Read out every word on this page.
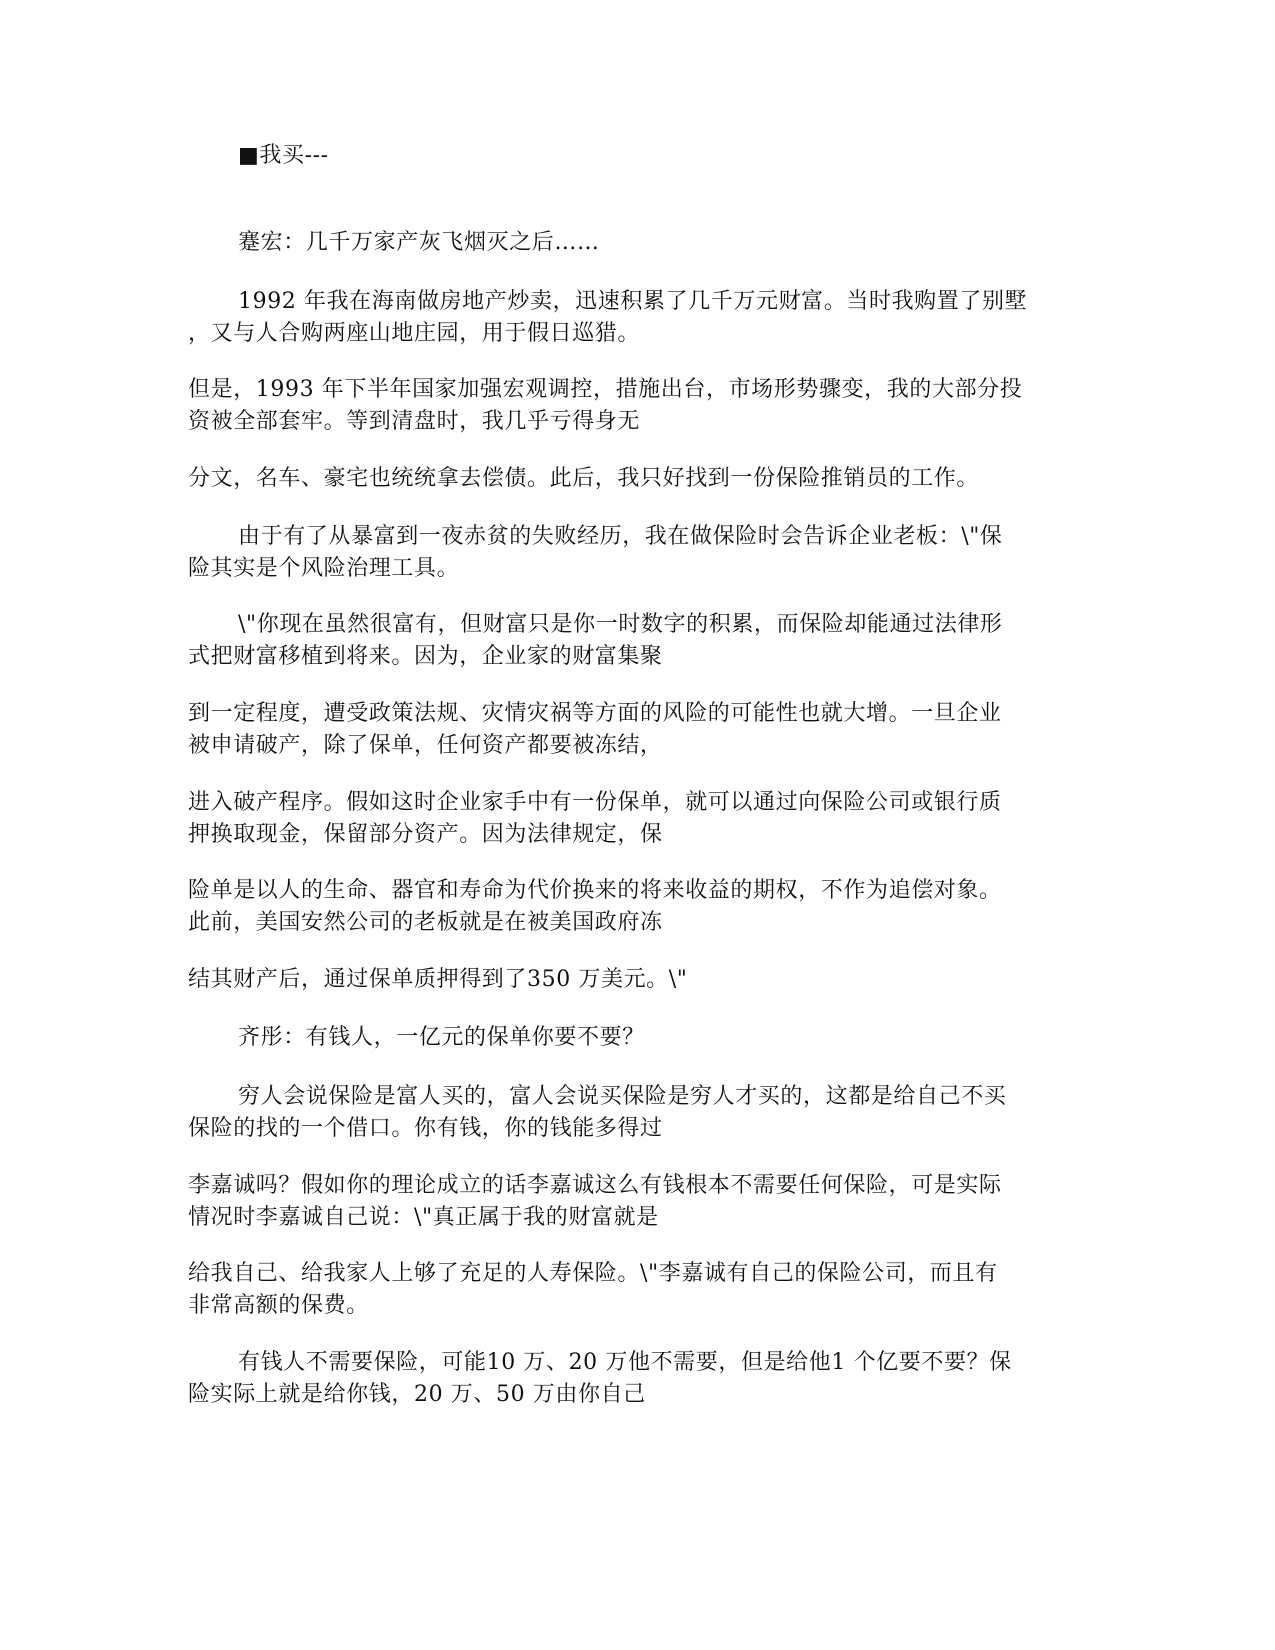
■我买---
蹇宏：几千万家产灰飞烟灭之后……
1992 年我在海南做房地产炒卖，迅速积累了几千万元财富。当时我购置了别墅
，又与人合购两座山地庄园，用于假日巡猎。
但是，1993 年下半年国家加强宏观调控，措施出台，市场形势骤变，我的大部分投
资被全部套牢。等到清盘时，我几乎亏得身无
分文，名车、豪宅也统统拿去偿债。此后，我只好找到一份保险推销员的工作。
由于有了从暴富到一夜赤贫的失败经历，我在做保险时会告诉企业老板：\"保
险其实是个风险治理工具。
\"你现在虽然很富有，但财富只是你一时数字的积累，而保险却能通过法律形
式把财富移植到将来。因为，企业家的财富集聚
到一定程度，遭受政策法规、灾情灾祸等方面的风险的可能性也就大增。一旦企业
被申请破产，除了保单，任何资产都要被冻结，
进入破产程序。假如这时企业家手中有一份保单，就可以通过向保险公司或银行质
押换取现金，保留部分资产。因为法律规定，保
险单是以人的生命、器官和寿命为代价换来的将来收益的期权，不作为追偿对象。
此前，美国安然公司的老板就是在被美国政府冻
结其财产后，通过保单质押得到了350 万美元。\"
齐彤：有钱人，一亿元的保单你要不要？
穷人会说保险是富人买的，富人会说买保险是穷人才买的，这都是给自己不买
保险的找的一个借口。你有钱，你的钱能多得过
李嘉诚吗？假如你的理论成立的话李嘉诚这么有钱根本不需要任何保险，可是实际
情况时李嘉诚自己说：\"真正属于我的财富就是
给我自己、给我家人上够了充足的人寿保险。\"李嘉诚有自己的保险公司，而且有
非常高额的保费。
有钱人不需要保险，可能10 万、20 万他不需要，但是给他1 个亿要不要？保
险实际上就是给你钱，20 万、50 万由你自己
